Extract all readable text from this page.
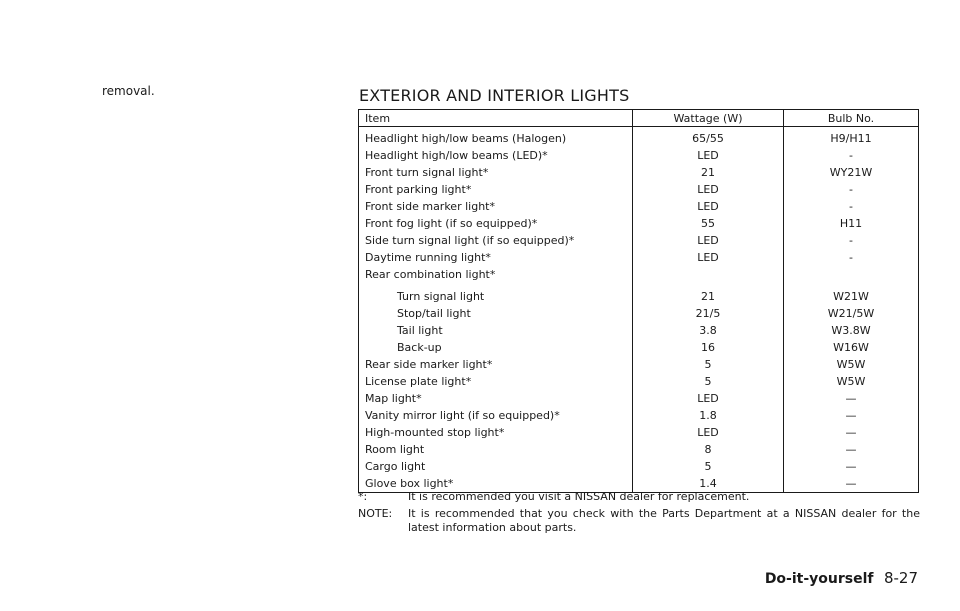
removal.	EXTERIOR AND INTERIOR LIGHTS
Item	Wattage (W)	Bulb No.
Headlight high/low beams (Halogen)	65/55	H9/H11
Headlight high/low beams (LED)*	LED	-
Front turn signal light*	21	WY21W
Front parking light*	LED	-
Front side marker light*	LED	-
Front fog light (if so equipped)*	55	H11
Side turn signal light (if so equipped)*	LED	-
Daytime running light*	LED	-
Rear combination light*		
Turn signal light	21	W21W
Stop/tail light	21/5	W21/5W
Tail light	3.8	W3.8W
Back-up	16	W16W
Rear side marker light*	5	W5W
License plate light*	5	W5W
Map light*	LED	—
Vanity mirror light (if so equipped)*	1.8	—
High-mounted stop light*	LED	—
Room light	8	—
Cargo light	5	—
Glove box light*	1.4	—
*:	It is recommended you visit a NISSAN dealer for replacement.
NOTE:	It is recommended that you check with the Parts Department at a NISSAN dealer for the latest information about parts.
Do-it-yourself 8-27
